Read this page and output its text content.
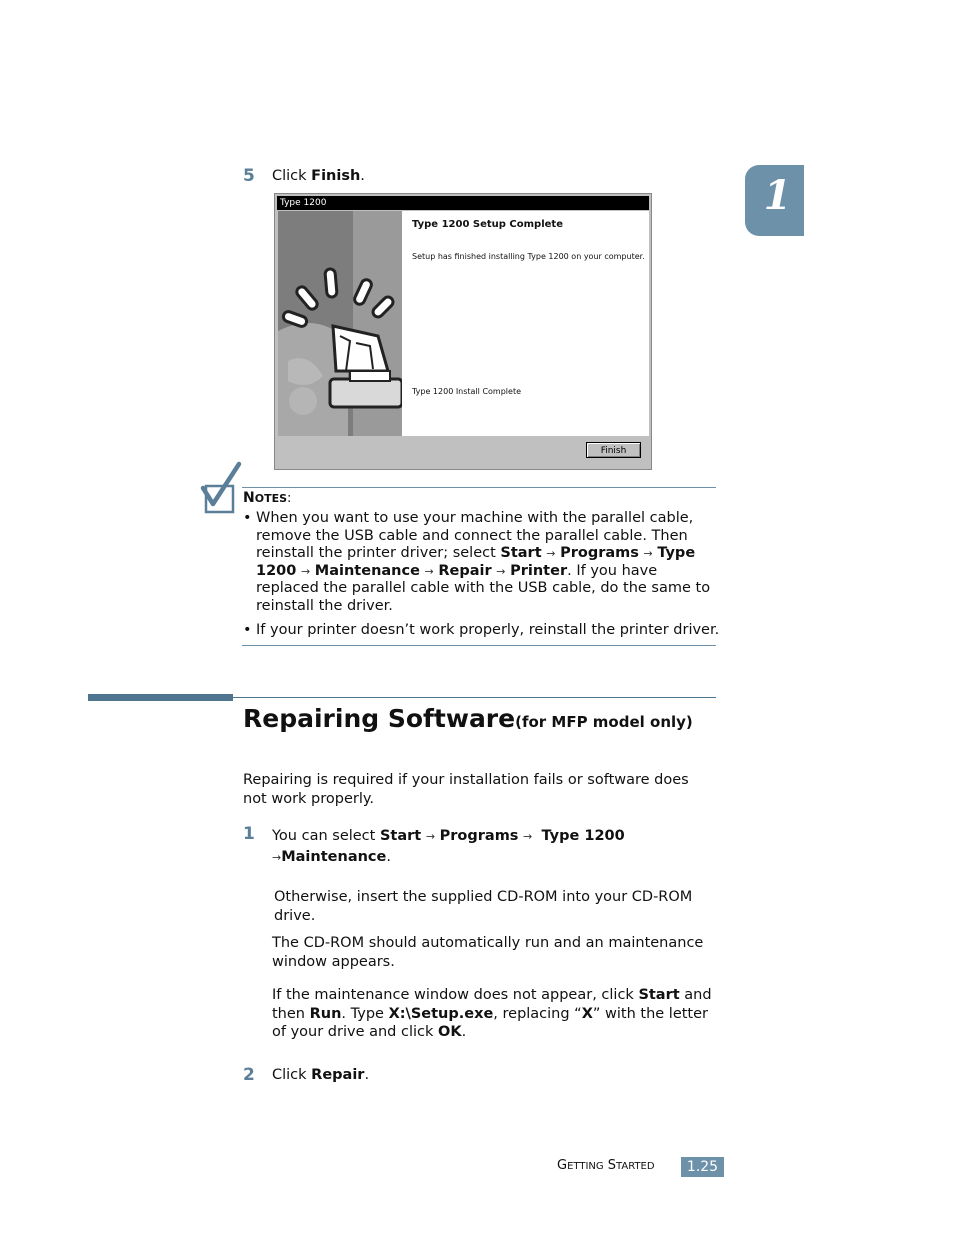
1
5 Click Finish.
Type 1200
Type 1200 Setup Complete
Setup has finished installing Type 1200 on your computer.
Type 1200 Install Complete
Finish
NOTES:
• When you want to use your machine with the parallel cable, remove the USB cable and connect the parallel cable. Then reinstall the printer driver; select Start → Programs → Type 1200 → Maintenance → Repair → Printer. If you have replaced the parallel cable with the USB cable, do the same to reinstall the driver.
• If your printer doesn’t work properly, reinstall the printer driver.
Repairing Software(for MFP model only)
Repairing is required if your installation fails or software does not work properly.
1 You can select Start → Programs → Type 1200
→Maintenance.
Otherwise, insert the supplied CD-ROM into your CD-ROM drive.
The CD-ROM should automatically run and an maintenance window appears.
If the maintenance window does not appear, click Start and then Run. Type X:\Setup.exe, replacing “X” with the letter of your drive and click OK.
2 Click Repair.
GETTING STARTED	1.25
